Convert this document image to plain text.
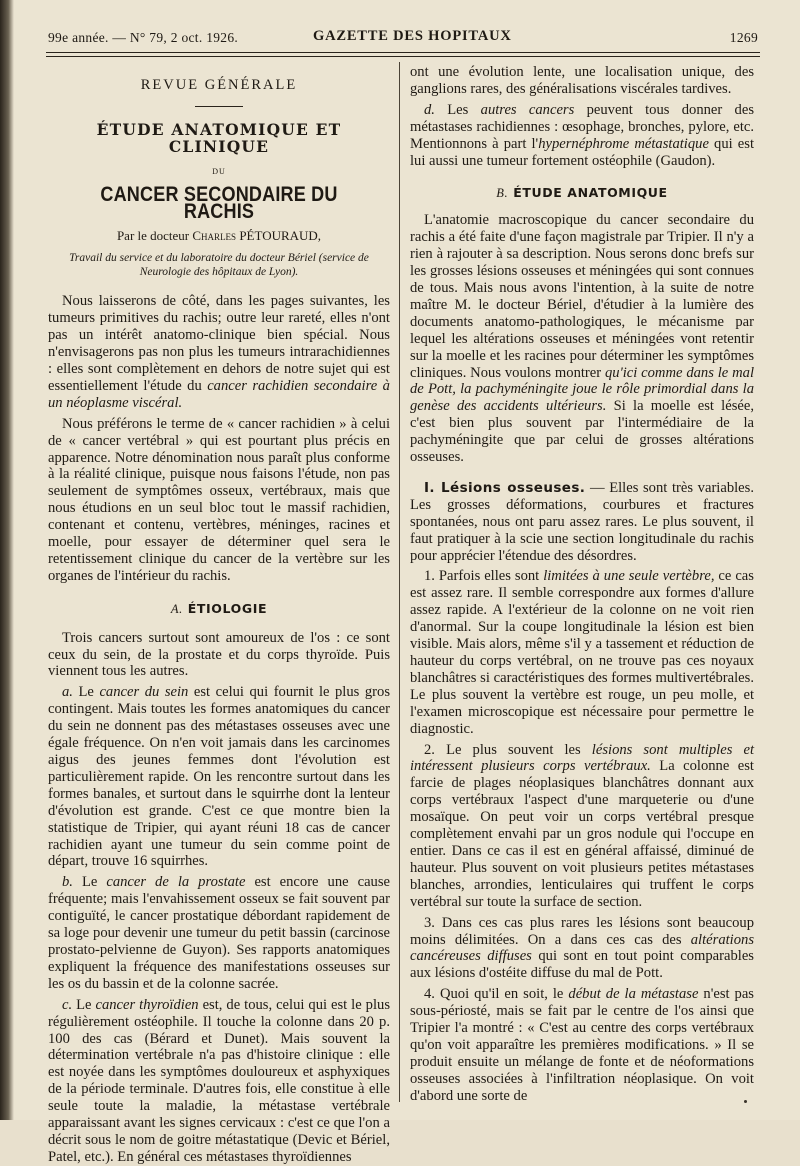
99e année. — N° 79, 2 oct. 1926.	GAZETTE DES HOPITAUX	1269
REVUE GÉNÉRALE
ÉTUDE ANATOMIQUE ET CLINIQUE
DU
CANCER SECONDAIRE DU RACHIS
Par le docteur Charles PÉTOURAUD,
Travail du service et du laboratoire du docteur Bériel (service de Neurologie des hôpitaux de Lyon).

Nous laisserons de côté, dans les pages suivantes, les tumeurs primitives du rachis; outre leur rareté, elles n'ont pas un intérêt anatomo-clinique bien spécial. Nous n'envisagerons pas non plus les tumeurs intrarachidiennes : elles sont complètement en dehors de notre sujet qui est essentiellement l'étude du cancer rachidien secondaire à un néoplasme viscéral.

Nous préférons le terme de « cancer rachidien » à celui de « cancer vertébral » qui est pourtant plus précis en apparence. Notre dénomination nous paraît plus conforme à la réalité clinique, puisque nous faisons l'étude, non pas seulement de symptômes osseux, vertébraux, mais que nous étudions en un seul bloc tout le massif rachidien, contenant et contenu, vertèbres, méninges, racines et moelle, pour essayer de déterminer quel sera le retentissement clinique du cancer de la vertèbre sur les organes de l'intérieur du rachis.

A. ÉTIOLOGIE

Trois cancers surtout sont amoureux de l'os : ce sont ceux du sein, de la prostate et du corps thyroïde. Puis viennent tous les autres.

a. Le cancer du sein est celui qui fournit le plus gros contingent. Mais toutes les formes anatomiques du cancer du sein ne donnent pas des métastases osseuses avec une égale fréquence. On n'en voit jamais dans les carcinomes aigus des jeunes femmes dont l'évolution est particulièrement rapide. On les rencontre surtout dans les formes banales, et surtout dans le squirrhe dont la lenteur d'évolution est grande. C'est ce que montre bien la statistique de Tripier, qui ayant réuni 18 cas de cancer rachidien ayant une tumeur du sein comme point de départ, trouve 16 squirrhes.

b. Le cancer de la prostate est encore une cause fréquente; mais l'envahissement osseux se fait souvent par contiguïté, le cancer prostatique débordant rapidement de sa loge pour devenir une tumeur du petit bassin (carcinose prostato-pelvienne de Guyon). Ses rapports anatomiques expliquent la fréquence des manifestations osseuses sur les os du bassin et de la colonne sacrée.

c. Le cancer thyroïdien est, de tous, celui qui est le plus régulièrement ostéophile. Il touche la colonne dans 20 p. 100 des cas (Bérard et Dunet). Mais souvent la détermination vertébrale n'a pas d'histoire clinique : elle est noyée dans les symptômes douloureux et asphyxiques de la période terminale. D'autres fois, elle constitue à elle seule toute la maladie, la métastase vertébrale apparaissant avant les signes cervicaux : c'est ce que l'on a décrit sous le nom de goitre métastatique (Devic et Bériel, Patel, etc.). En général ces métastases thyroïdiennes

ont une évolution lente, une localisation unique, des ganglions rares, des généralisations viscérales tardives.

d. Les autres cancers peuvent tous donner des métastases rachidiennes : œsophage, bronches, pylore, etc. Mentionnons à part l'hypernéphrome métastatique qui est lui aussi une tumeur fortement ostéophile (Gaudon).

B. ÉTUDE ANATOMIQUE

L'anatomie macroscopique du cancer secondaire du rachis a été faite d'une façon magistrale par Tripier. Il n'y a rien à rajouter à sa description. Nous serons donc brefs sur les grosses lésions osseuses et méningées qui sont connues de tous. Mais nous avons l'intention, à la suite de notre maître M. le docteur Bériel, d'étudier à la lumière des documents anatomo-pathologiques, le mécanisme par lequel les altérations osseuses et méningées vont retentir sur la moelle et les racines pour déterminer les symptômes cliniques. Nous voulons montrer qu'ici comme dans le mal de Pott, la pachyméningite joue le rôle primordial dans la genèse des accidents ultérieurs. Si la moelle est lésée, c'est bien plus souvent par l'intermédiaire de la pachyméningite que par celui de grosses altérations osseuses.

I. Lésions osseuses. — Elles sont très variables. Les grosses déformations, courbures et fractures spontanées, nous ont paru assez rares. Le plus souvent, il faut pratiquer à la scie une section longitudinale du rachis pour apprécier l'étendue des désordres.

1. Parfois elles sont limitées à une seule vertèbre, ce cas est assez rare. Il semble correspondre aux formes d'allure assez rapide. A l'extérieur de la colonne on ne voit rien d'anormal. Sur la coupe longitudinale la lésion est bien visible. Mais alors, même s'il y a tassement et réduction de hauteur du corps vertébral, on ne trouve pas ces noyaux blanchâtres si caractéristiques des formes multivertébrales. Le plus souvent la vertèbre est rouge, un peu molle, et l'examen microscopique est nécessaire pour permettre le diagnostic.

2. Le plus souvent les lésions sont multiples et intéressent plusieurs corps vertébraux. La colonne est farcie de plages néoplasiques blanchâtres donnant aux corps vertébraux l'aspect d'une marqueterie ou d'une mosaïque. On peut voir un corps vertébral presque complètement envahi par un gros nodule qui l'occupe en entier. Dans ce cas il est en général affaissé, diminué de hauteur. Plus souvent on voit plusieurs petites métastases blanches, arrondies, lenticulaires qui truffent le corps vertébral sur toute la surface de section.

3. Dans ces cas plus rares les lésions sont beaucoup moins délimitées. On a dans ces cas des altérations cancéreuses diffuses qui sont en tout point comparables aux lésions d'ostéite diffuse du mal de Pott.

4. Quoi qu'il en soit, le début de la métastase n'est pas sous-périosté, mais se fait par le centre de l'os ainsi que Tripier l'a montré : « C'est au centre des corps vertébraux qu'on voit apparaître les premières modifications. » Il se produit ensuite un mélange de fonte et de néoformations osseuses associées à l'infiltration néoplasique. On voit d'abord une sorte de
